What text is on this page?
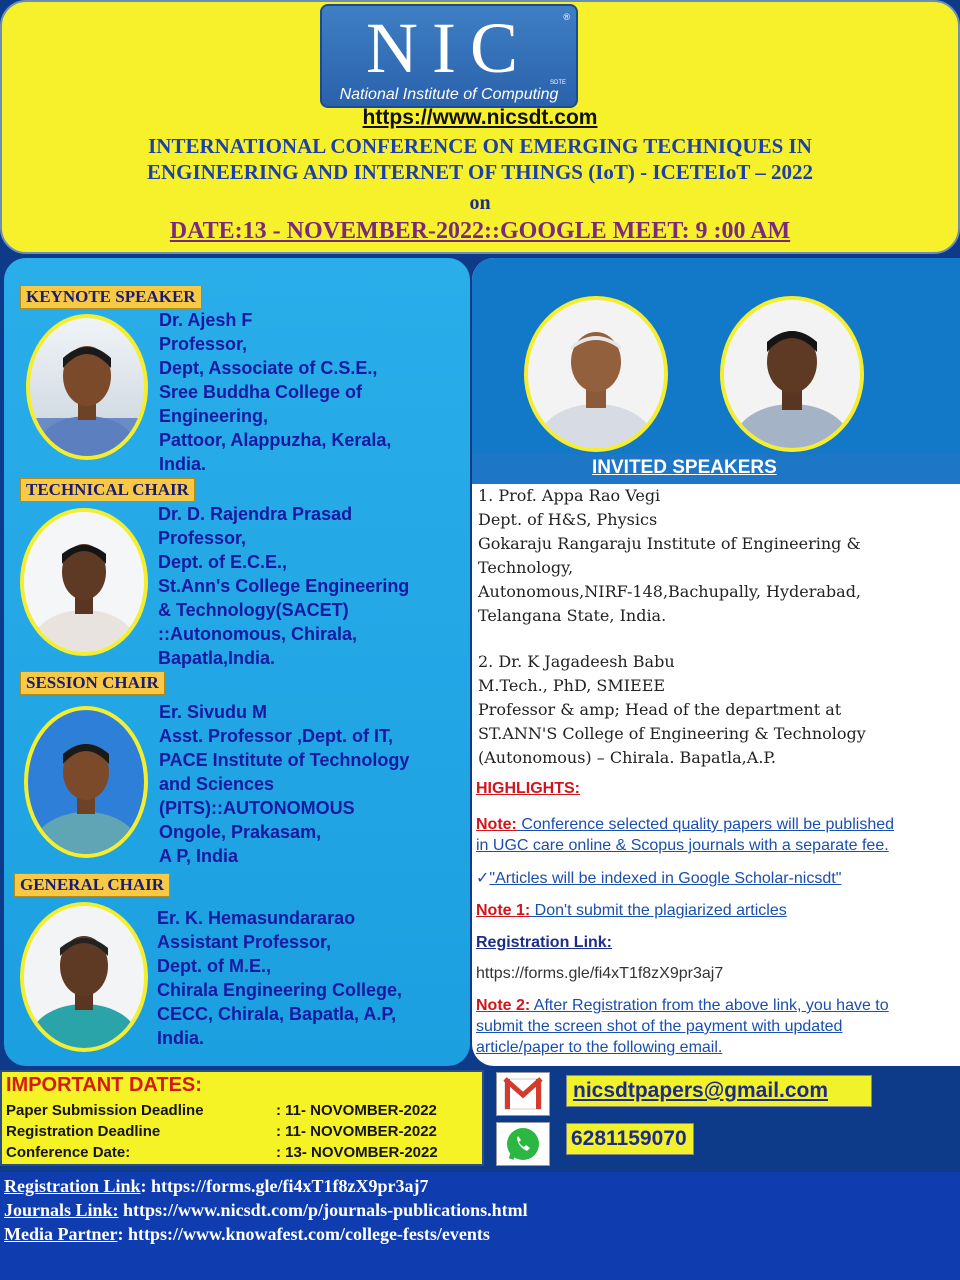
®
NIC	SDTE
National Institute of Computing
https://www.nicsdt.com
INTERNATIONAL CONFERENCE ON EMERGING TECHNIQUES IN
ENGINEERING AND INTERNET OF THINGS (IoT) - ICETEIoT – 2022
on
DATE:13 - NOVEMBER-2022::GOOGLE MEET: 9 :00 AM
KEYNOTE SPEAKER
Dr. Ajesh F
Professor,
Dept, Associate of C.S.E.,
Sree Buddha College of
Engineering,
Pattoor, Alappuzha, Kerala,
India.
TECHNICAL CHAIR
Dr. D. Rajendra Prasad
Professor,
Dept. of E.C.E.,
St.Ann's College Engineering
& Technology(SACET)
::Autonomous, Chirala,
Bapatla,India.
SESSION CHAIR
Er. Sivudu M
Asst. Professor ,Dept. of IT,
PACE Institute of Technology
and Sciences
(PITS)::AUTONOMOUS
Ongole, Prakasam,
A P, India
GENERAL CHAIR
Er. K. Hemasundararao
Assistant Professor,
Dept. of M.E.,
Chirala Engineering College,
CECC, Chirala, Bapatla, A.P,
India.
INVITED SPEAKERS
1. Prof. Appa Rao Vegi
Dept. of H&S, Physics
Gokaraju Rangaraju Institute of Engineering &
Technology,
Autonomous,NIRF-148,Bachupally, Hyderabad,
Telangana State, India.
2. Dr. K Jagadeesh Babu
M.Tech., PhD, SMIEEE
Professor & amp; Head of the department at
ST.ANN'S College of Engineering & Technology
(Autonomous) – Chirala. Bapatla,A.P.
HIGHLIGHTS:
Note: Conference selected quality papers will be published
in UGC care online & Scopus journals with a separate fee.
✓"Articles will be indexed in Google Scholar-nicsdt"
Note 1: Don't submit the plagiarized articles
Registration Link:
https://forms.gle/fi4xT1f8zX9pr3aj7
Note 2: After Registration from the above link, you have to
submit the screen shot of the payment with updated
article/paper to the following email.
IMPORTANT DATES:
Paper Submission Deadline	: 11- NOVOMBER-2022
Registration Deadline	: 11- NOVOMBER-2022
Conference Date:	: 13- NOVOMBER-2022
nicsdtpapers@gmail.com
6281159070
Registration Link: https://forms.gle/fi4xT1f8zX9pr3aj7
Journals Link: https://www.nicsdt.com/p/journals-publications.html
Media Partner: https://www.knowafest.com/college-fests/events
